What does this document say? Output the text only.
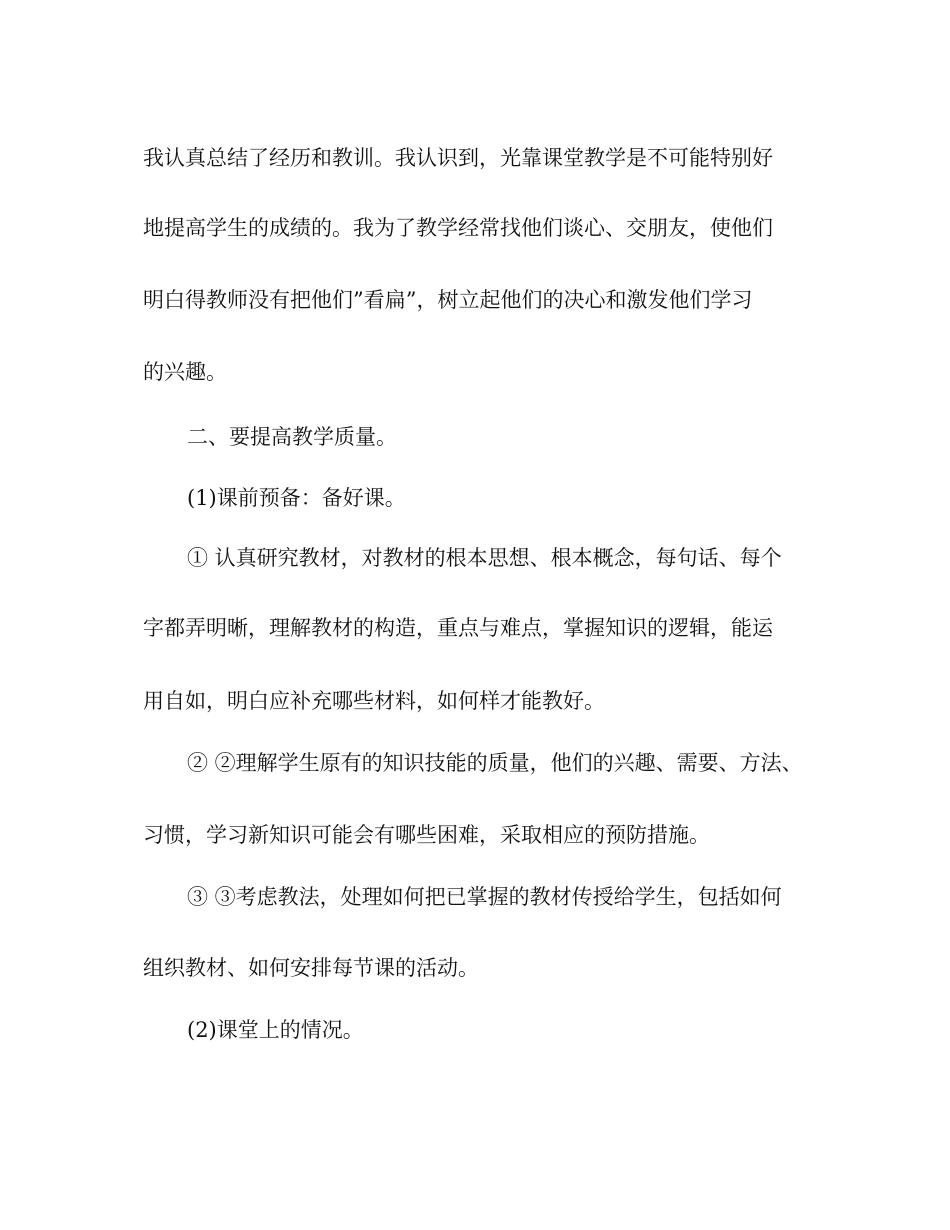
我认真总结了经历和教训。我认识到，光靠课堂教学是不可能特别好
地提高学生的成绩的。我为了教学经常找他们谈心、交朋友，使他们
明白得教师没有把他们”看扁”，树立起他们的决心和激发他们学习
的兴趣。
二、要提高教学质量。
(1)课前预备：备好课。
① 认真研究教材，对教材的根本思想、根本概念，每句话、每个
字都弄明晰，理解教材的构造，重点与难点，掌握知识的逻辑，能运
用自如，明白应补充哪些材料，如何样才能教好。
② ②理解学生原有的知识技能的质量，他们的兴趣、需要、方法、
习惯，学习新知识可能会有哪些困难，采取相应的预防措施。
③ ③考虑教法，处理如何把已掌握的教材传授给学生，包括如何
组织教材、如何安排每节课的活动。
(2)课堂上的情况。
